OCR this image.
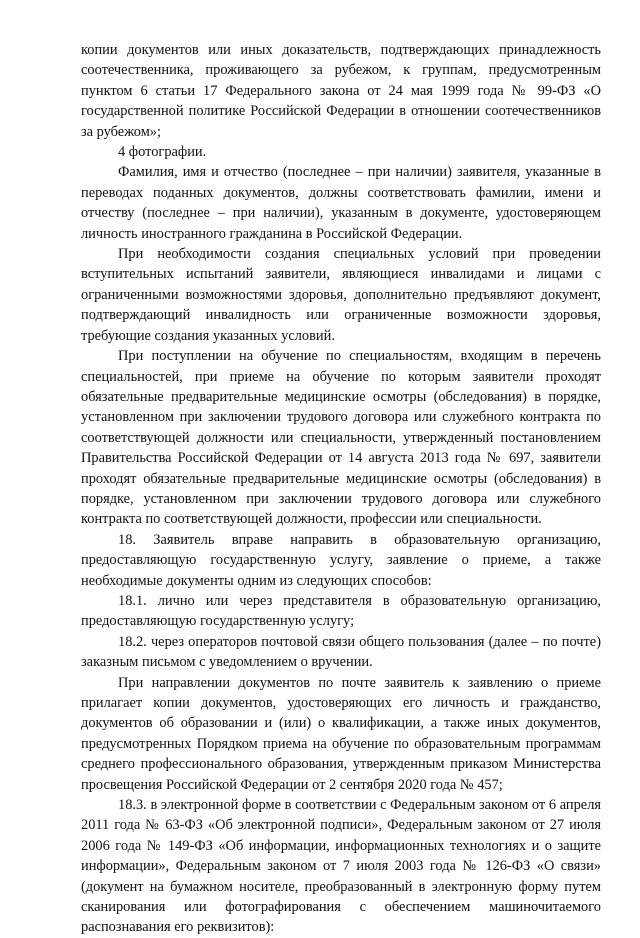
копии документов или иных доказательств, подтверждающих принадлежность соотечественника, проживающего за рубежом, к группам, предусмотренным пунктом 6 статьи 17 Федерального закона от 24 мая 1999 года № 99-ФЗ «О государственной политике Российской Федерации в отношении соотечественников за рубежом»;

4 фотографии.

Фамилия, имя и отчество (последнее – при наличии) заявителя, указанные в переводах поданных документов, должны соответствовать фамилии, имени и отчеству (последнее – при наличии), указанным в документе, удостоверяющем личность иностранного гражданина в Российской Федерации.

При необходимости создания специальных условий при проведении вступительных испытаний заявители, являющиеся инвалидами и лицами с ограниченными возможностями здоровья, дополнительно предъявляют документ, подтверждающий инвалидность или ограниченные возможности здоровья, требующие создания указанных условий.

При поступлении на обучение по специальностям, входящим в перечень специальностей, при приеме на обучение по которым заявители проходят обязательные предварительные медицинские осмотры (обследования) в порядке, установленном при заключении трудового договора или служебного контракта по соответствующей должности или специальности, утвержденный постановлением Правительства Российской Федерации от 14 августа 2013 года № 697, заявители проходят обязательные предварительные медицинские осмотры (обследования) в порядке, установленном при заключении трудового договора или служебного контракта по соответствующей должности, профессии или специальности.

18. Заявитель вправе направить в образовательную организацию, предоставляющую государственную услугу, заявление о приеме, а также необходимые документы одним из следующих способов:

18.1. лично или через представителя в образовательную организацию, предоставляющую государственную услугу;

18.2. через операторов почтовой связи общего пользования (далее – по почте) заказным письмом с уведомлением о вручении.

При направлении документов по почте заявитель к заявлению о приеме прилагает копии документов, удостоверяющих его личность и гражданство, документов об образовании и (или) о квалификации, а также иных документов, предусмотренных Порядком приема на обучение по образовательным программам среднего профессионального образования, утвержденным приказом Министерства просвещения Российской Федерации от 2 сентября 2020 года № 457;

18.3. в электронной форме в соответствии с Федеральным законом от 6 апреля 2011 года № 63-ФЗ «Об электронной подписи», Федеральным законом от 27 июля 2006 года № 149-ФЗ «Об информации, информационных технологиях и о защите информации», Федеральным законом от 7 июля 2003 года № 126-ФЗ «О связи» (документ на бумажном носителе, преобразованный в электронную форму путем сканирования или фотографирования с обеспечением машиночитаемого распознавания его реквизитов):
